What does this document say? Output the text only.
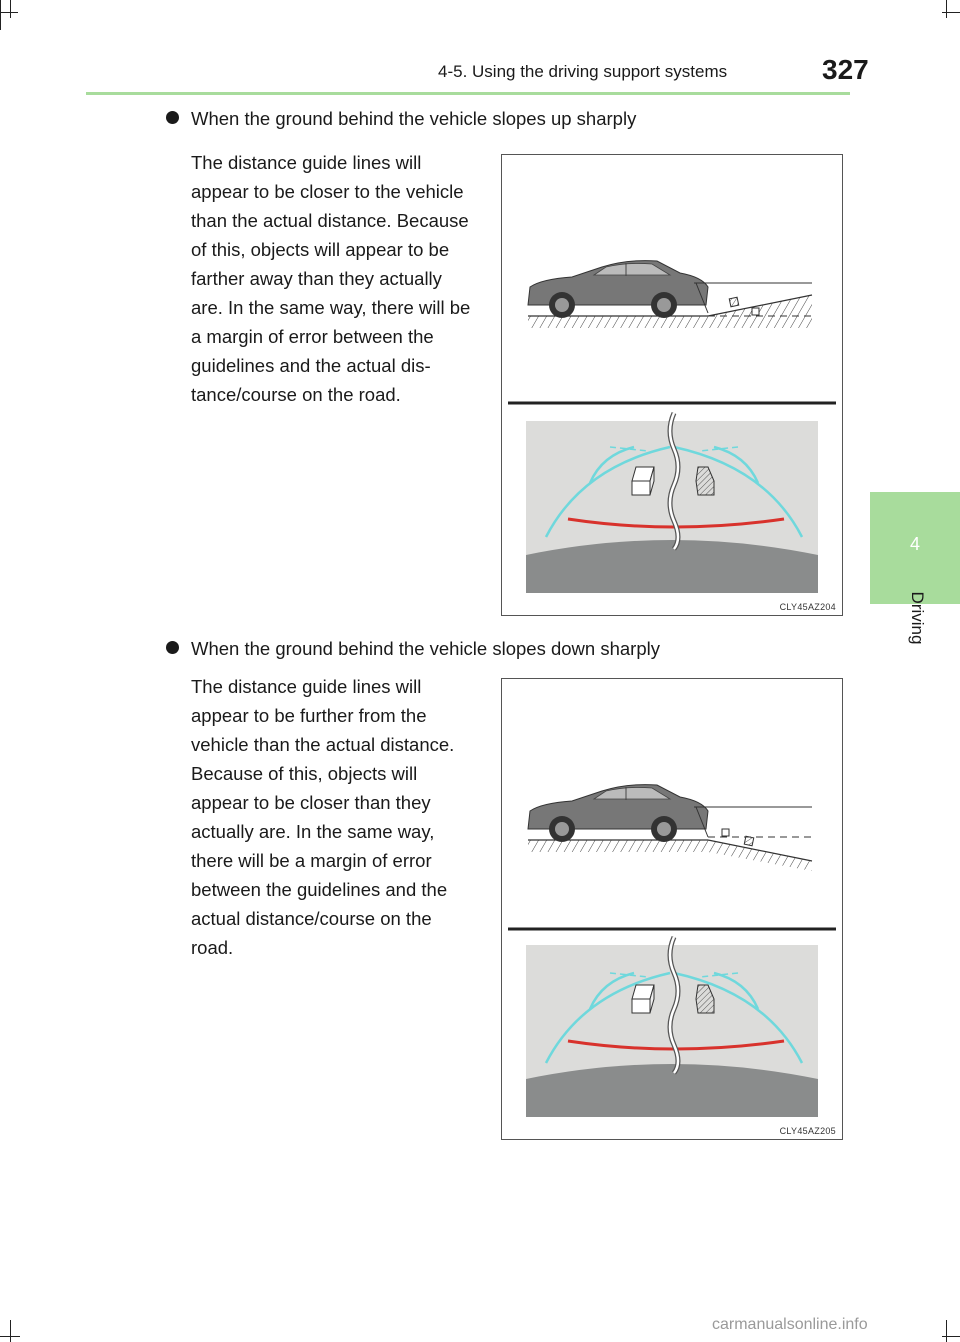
4-5. Using the driving support systems	327
4
Driving
When the ground behind the vehicle slopes up sharply
The distance guide lines will
appear to be closer to the vehicle
than the actual distance. Because
of this, objects will appear to be
farther away than they actually
are. In the same way, there will be
a margin of error between the
guidelines and the actual dis-
tance/course on the road.
CLY45AZ204
When the ground behind the vehicle slopes down sharply
The distance guide lines will
appear to be further from the
vehicle than the actual distance.
Because of this, objects will
appear to be closer than they
actually are. In the same way,
there will be a margin of error
between the guidelines and the
actual distance/course on the
road.
CLY45AZ205
carmanualsonline.info
